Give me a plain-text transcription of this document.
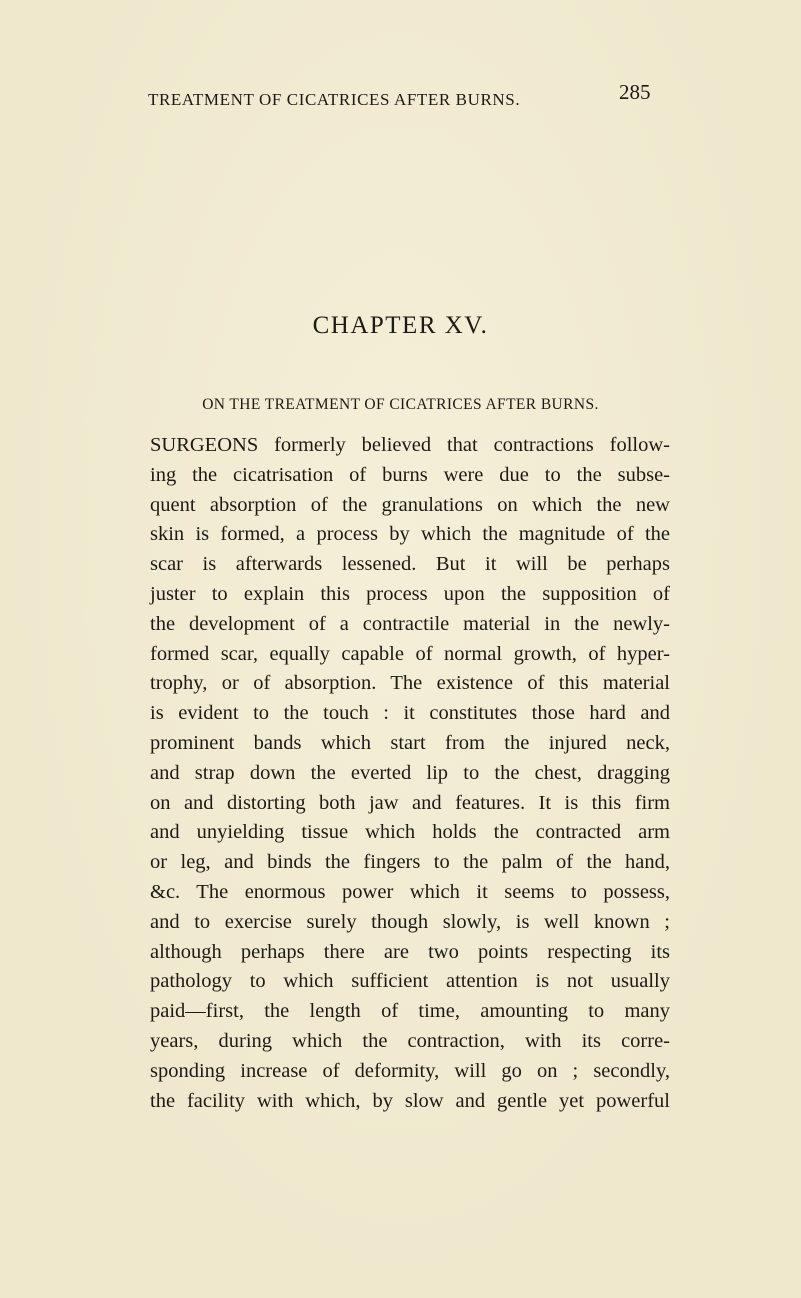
TREATMENT OF CICATRICES AFTER BURNS.	285
CHAPTER XV.
ON THE TREATMENT OF CICATRICES AFTER BURNS.
SURGEONS formerly believed that contractions follow-
ing the cicatrisation of burns were due to the subse-
quent absorption of the granulations on which the new
skin is formed, a process by which the magnitude of the
scar is afterwards lessened. But it will be perhaps
juster to explain this process upon the supposition of
the development of a contractile material in the newly-
formed scar, equally capable of normal growth, of hyper-
trophy, or of absorption. The existence of this material
is evident to the touch : it constitutes those hard and
prominent bands which start from the injured neck,
and strap down the everted lip to the chest, dragging
on and distorting both jaw and features. It is this firm
and unyielding tissue which holds the contracted arm
or leg, and binds the fingers to the palm of the hand,
&c. The enormous power which it seems to possess,
and to exercise surely though slowly, is well known ;
although perhaps there are two points respecting its
pathology to which sufficient attention is not usually
paid—first, the length of time, amounting to many
years, during which the contraction, with its corre-
sponding increase of deformity, will go on ; secondly,
the facility with which, by slow and gentle yet powerful
